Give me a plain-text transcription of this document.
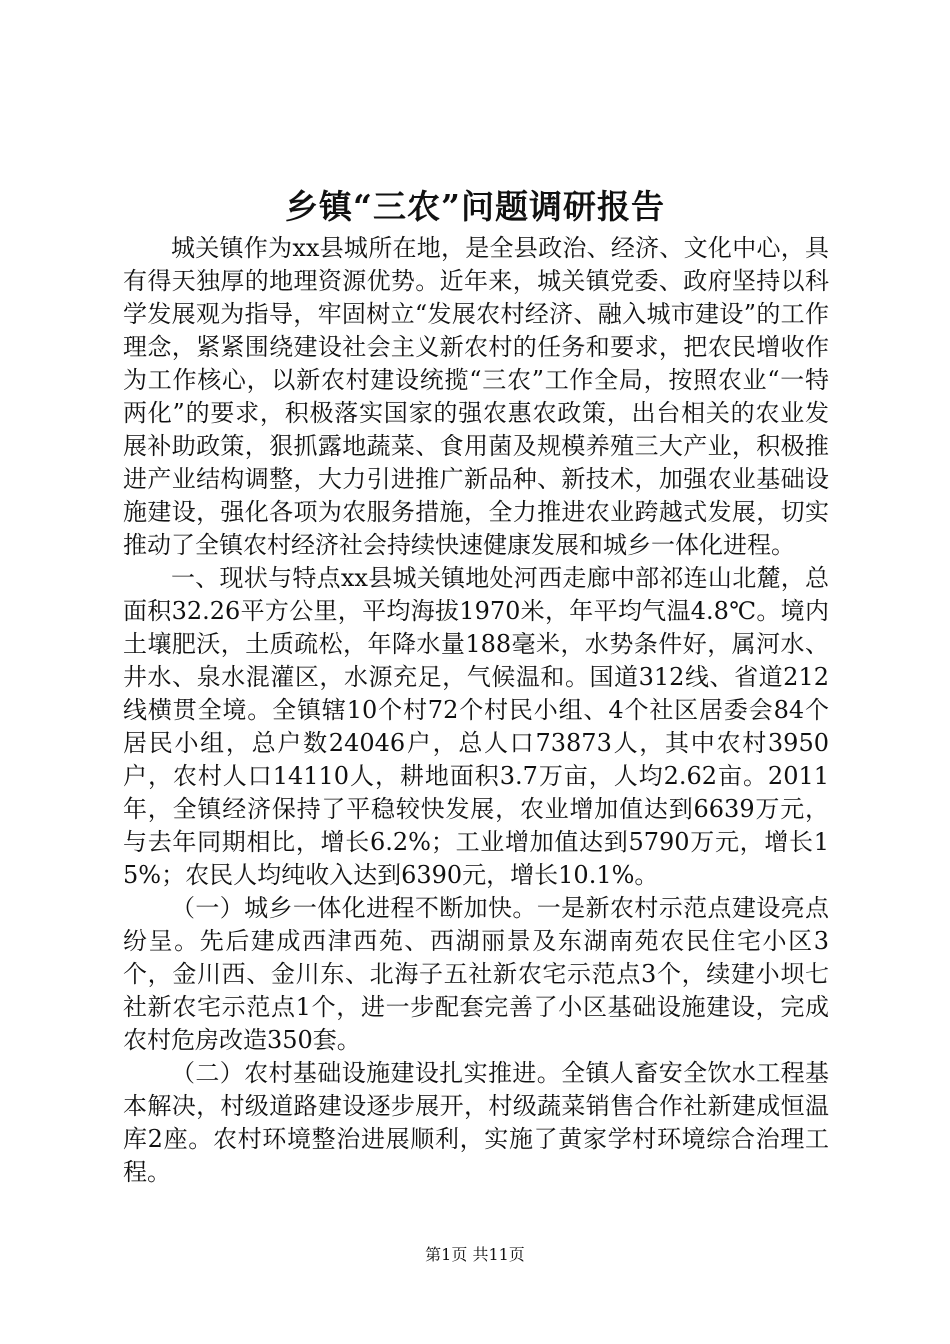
乡镇“三农”问题调研报告

城关镇作为xx县城所在地，是全县政治、经济、文化中心，具有得天独厚的地理资源优势。近年来，城关镇党委、政府坚持以科学发展观为指导，牢固树立“发展农村经济、融入城市建设”的工作理念，紧紧围绕建设社会主义新农村的任务和要求，把农民增收作为工作核心，以新农村建设统揽“三农”工作全局，按照农业“一特两化”的要求，积极落实国家的强农惠农政策，出台相关的农业发展补助政策，狠抓露地蔬菜、食用菌及规模养殖三大产业，积极推进产业结构调整，大力引进推广新品种、新技术，加强农业基础设施建设，强化各项为农服务措施，全力推进农业跨越式发展，切实推动了全镇农村经济社会持续快速健康发展和城乡一体化进程。

一、现状与特点xx县城关镇地处河西走廊中部祁连山北麓，总面积32.26平方公里，平均海拔1970米，年平均气温4.8℃。境内土壤肥沃，土质疏松，年降水量188毫米，水势条件好，属河水、井水、泉水混灌区，水源充足，气候温和。国道312线、省道212线横贯全境。全镇辖10个村72个村民小组、4个社区居委会84个居民小组，总户数24046户，总人口73873人，其中农村3950户，农村人口14110人，耕地面积3.7万亩，人均2.62亩。2011年，全镇经济保持了平稳较快发展，农业增加值达到6639万元，与去年同期相比，增长6.2%；工业增加值达到5790万元，增长15%；农民人均纯收入达到6390元，增长10.1%。

（一）城乡一体化进程不断加快。一是新农村示范点建设亮点纷呈。先后建成西津西苑、西湖丽景及东湖南苑农民住宅小区3个，金川西、金川东、北海子五社新农宅示范点3个，续建小坝七社新农宅示范点1个，进一步配套完善了小区基础设施建设，完成农村危房改造350套。

（二）农村基础设施建设扎实推进。全镇人畜安全饮水工程基本解决，村级道路建设逐步展开，村级蔬菜销售合作社新建成恒温库2座。农村环境整治进展顺利，实施了黄家学村环境综合治理工程。

第1页 共11页
